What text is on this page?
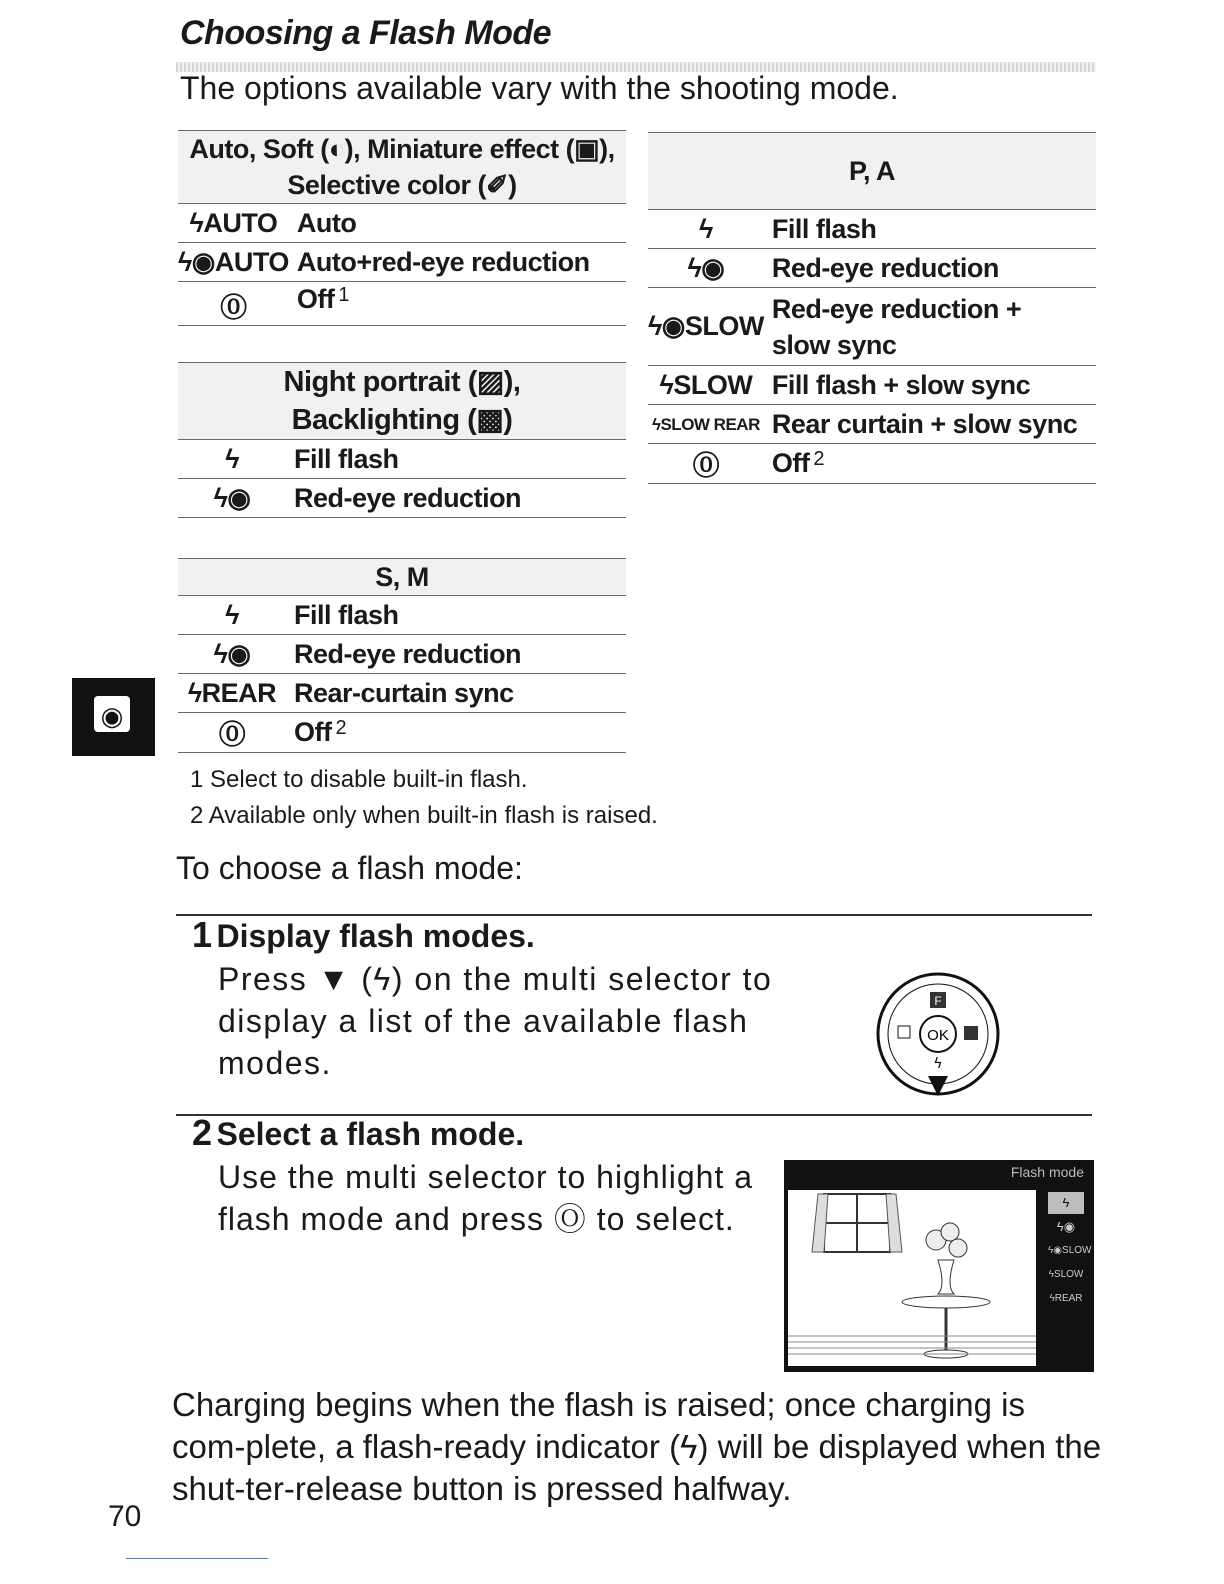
Choosing a Flash Mode
The options available vary with the shooting mode.
Auto, Soft (◐), Miniature effect (▣),
Selective color (✐)	

ϟAUTO	Auto
ϟ◉AUTO	Auto+red-eye reduction
⓪	Off $^1$
Night portrait (▨),
Backlighting (▩)	

ϟ	Fill flash
ϟ◉	Red-eye reduction
S, M	
ϟ	Fill flash
ϟ◉	Red-eye reduction
ϟREAR	Rear-curtain sync
⓪	Off $^2$
P, A	
ϟ	Fill flash
ϟ◉	Red-eye reduction
ϟ◉SLOW	Red-eye reduction +
slow sync

ϟSLOW	Fill flash + slow sync
ϟSLOW REAR	Rear curtain + slow sync
⓪	Off $^2$
1 Select to disable built-in flash.
2 Available only when built-in flash is raised.
◉
To choose a flash mode:
1 Display flash modes.
Press ▼ (ϟ) on the multi selector to display a list of the available flash modes.
OK
F
ϟ
2 Select a flash mode.
Use the multi selector to highlight a flash mode and press Ⓞ to select.
Flash mode
ϟ
ϟ◉
ϟ◉SLOW
ϟSLOW
ϟREAR
Charging begins when the flash is raised; once charging is com-plete, a flash-ready indicator (ϟ) will be displayed when the shut-ter-release button is pressed halfway.
70
